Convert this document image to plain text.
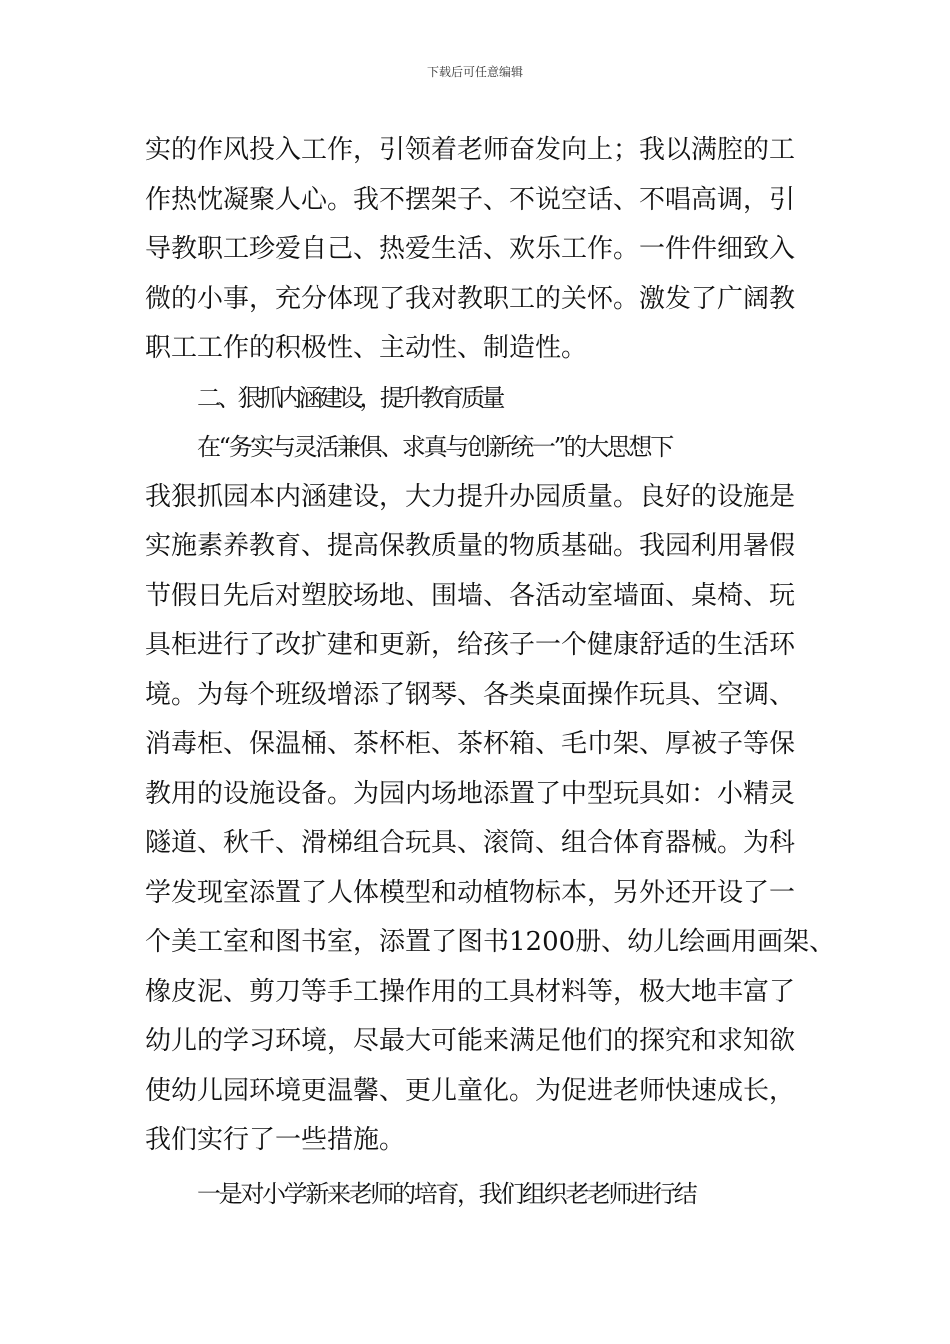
下载后可任意编辑
实的作风投入工作，引领着老师奋发向上；我以满腔的工
作热忱凝聚人心。我不摆架子、不说空话、不唱高调，引
导教职工珍爱自己、热爱生活、欢乐工作。一件件细致入
微的小事，充分体现了我对教职工的关怀。激发了广阔教
职工工作的积极性、主动性、制造性。
二、狠抓内涵建设，提升教育质量
在“务实与灵活兼俱、求真与创新统一”的大思想下
我狠抓园本内涵建设，大力提升办园质量。良好的设施是
实施素养教育、提高保教质量的物质基础。我园利用暑假
节假日先后对塑胶场地、围墙、各活动室墙面、桌椅、玩
具柜进行了改扩建和更新，给孩子一个健康舒适的生活环
境。为每个班级增添了钢琴、各类桌面操作玩具、空调、
消毒柜、保温桶、茶杯柜、茶杯箱、毛巾架、厚被子等保
教用的设施设备。为园内场地添置了中型玩具如：小精灵
隧道、秋千、滑梯组合玩具、滚筒、组合体育器械。为科
学发现室添置了人体模型和动植物标本，另外还开设了一
个美工室和图书室，添置了图书1200册、幼儿绘画用画架、
橡皮泥、剪刀等手工操作用的工具材料等，极大地丰富了
幼儿的学习环境，尽最大可能来满足他们的探究和求知欲
使幼儿园环境更温馨、更儿童化。为促进老师快速成长，
我们实行了一些措施。
一是对小学新来老师的培育，我们组织老老师进行结
